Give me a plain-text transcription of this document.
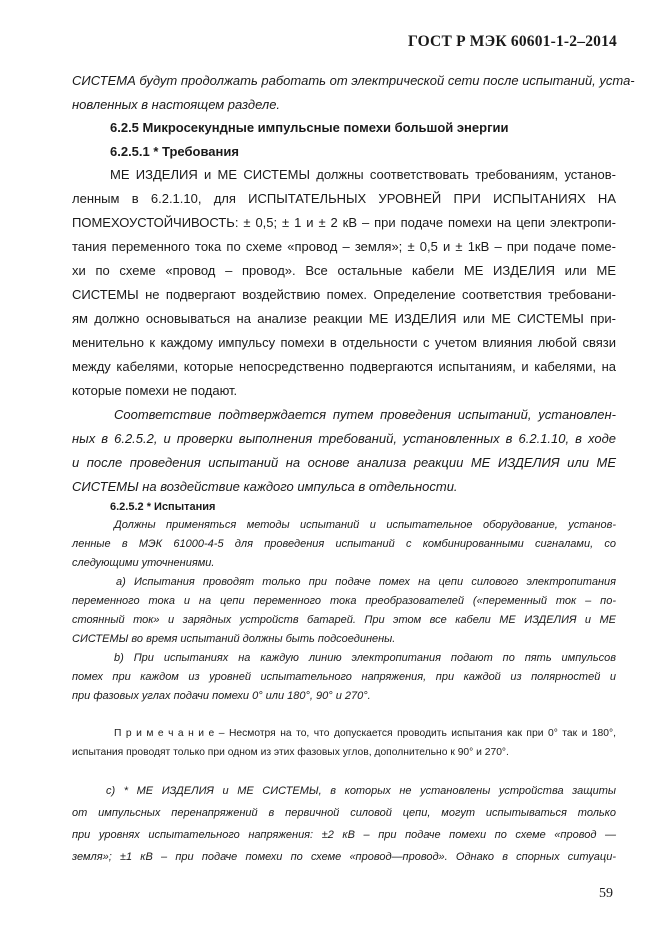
ГОСТ Р МЭК 60601-1-2–2014
СИСТЕМА будут продолжать работать от электрической сети после испытаний, уста-
новленных в настоящем разделе.
6.2.5 Микросекундные импульсные помехи большой энергии
6.2.5.1 * Требования
МЕ ИЗДЕЛИЯ и МЕ СИСТЕМЫ должны соответствовать требованиям, установ-
ленным в 6.2.1.10, для ИСПЫТАТЕЛЬНЫХ УРОВНЕЙ ПРИ ИСПЫТАНИЯХ НА
ПОМЕХОУСТОЙЧИВОСТЬ: ± 0,5; ± 1 и ± 2 кВ – при подаче помехи на цепи электропи-
тания переменного тока по схеме «провод – земля»; ± 0,5 и ± 1кВ – при подаче поме-
хи по схеме «провод – провод». Все остальные кабели МЕ ИЗДЕЛИЯ или МЕ
СИСТЕМЫ не подвергают воздействию помех. Определение соответствия требовани-
ям должно основываться на анализе реакции МЕ ИЗДЕЛИЯ или МЕ СИСТЕМЫ при-
менительно к каждому импульсу помехи в отдельности с учетом влияния любой связи
между кабелями, которые непосредственно подвергаются испытаниям, и кабелями, на
которые помехи не подают.
Соответствие подтверждается путем проведения испытаний, установлен-
ных в 6.2.5.2, и проверки выполнения требований, установленных в 6.2.1.10, в ходе
и после проведения испытаний на основе анализа реакции МЕ ИЗДЕЛИЯ или МЕ
СИСТЕМЫ на воздействие каждого импульса в отдельности.
6.2.5.2 * Испытания
Должны применяться методы испытаний и испытательное оборудование, установ-
ленные в МЭК 61000-4-5 для проведения испытаний с комбинированными сигналами, со
следующими уточнениями.
а) Испытания проводят только при подаче помех на цепи силового электропитания
переменного тока и на цепи переменного тока преобразователей («переменный ток – по-
стоянный ток» и зарядных устройств батарей. При этом все кабели МЕ ИЗДЕЛИЯ и МЕ
СИСТЕМЫ во время испытаний должны быть подсоединены.
b) При испытаниях на каждую линию электропитания подают по пять импульсов
помех при каждом из уровней испытательного напряжения, при каждой из полярностей и
при фазовых углах подачи помехи 0° или 180°, 90° и 270°.
П р и м е ч а н и е – Несмотря на то, что допускается проводить испытания как при 0° так и 180°,
испытания проводят только при одном из этих фазовых углов, дополнительно к 90° и 270°.
с) * МЕ ИЗДЕЛИЯ и МЕ СИСТЕМЫ, в которых не установлены устройства защиты
от импульсных перенапряжений в первичной силовой цепи, могут испытываться только
при уровнях испытательного напряжения: ±2 кВ – при подаче помехи по схеме «провод —
земля»; ±1 кВ – при подаче помехи по схеме «провод—провод». Однако в спорных ситуаци-
59
